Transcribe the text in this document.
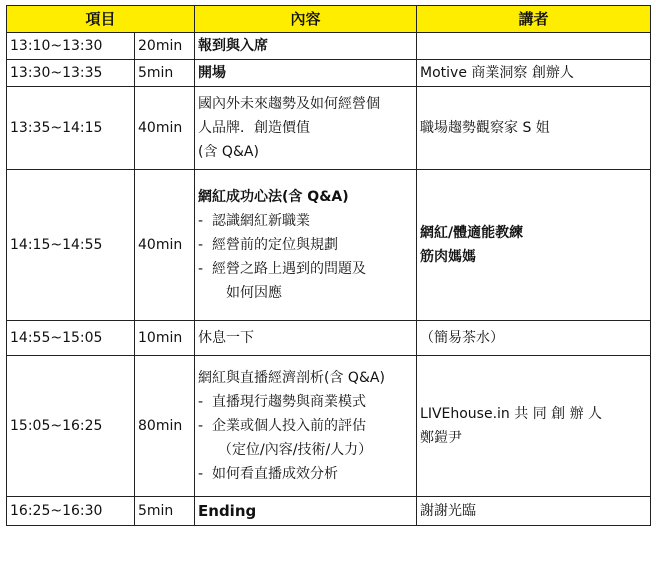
項目		內容	講者
13:10~13:30	20min	報到與入席	
13:30~13:35	5min	開場	Motive 商業洞察 創辦人
13:35~14:15	40min	國內外未來趨勢及如何經營個
人品牌．創造價值
(含 Q&A)	職場趨勢觀察家 S 姐
14:15~14:55	40min	網紅成功心法(含 Q&A)
- 認識網紅新職業
- 經營前的定位與規劃
- 經營之路上遇到的問題及
如何因應	網紅/體適能教練
筋肉媽媽

14:55~15:05	10min	休息一下	（簡易茶水）
15:05~16:25	80min	網紅與直播經濟剖析(含 Q&A)
- 直播現行趨勢與商業模式
- 企業或個人投入前的評估
（定位/內容/技術/人力）
- 如何看直播成效分析	LIVEhouse.in 共 同 創 辦 人
鄭鎧尹

16:25~16:30	5min	Ending	謝謝光臨
